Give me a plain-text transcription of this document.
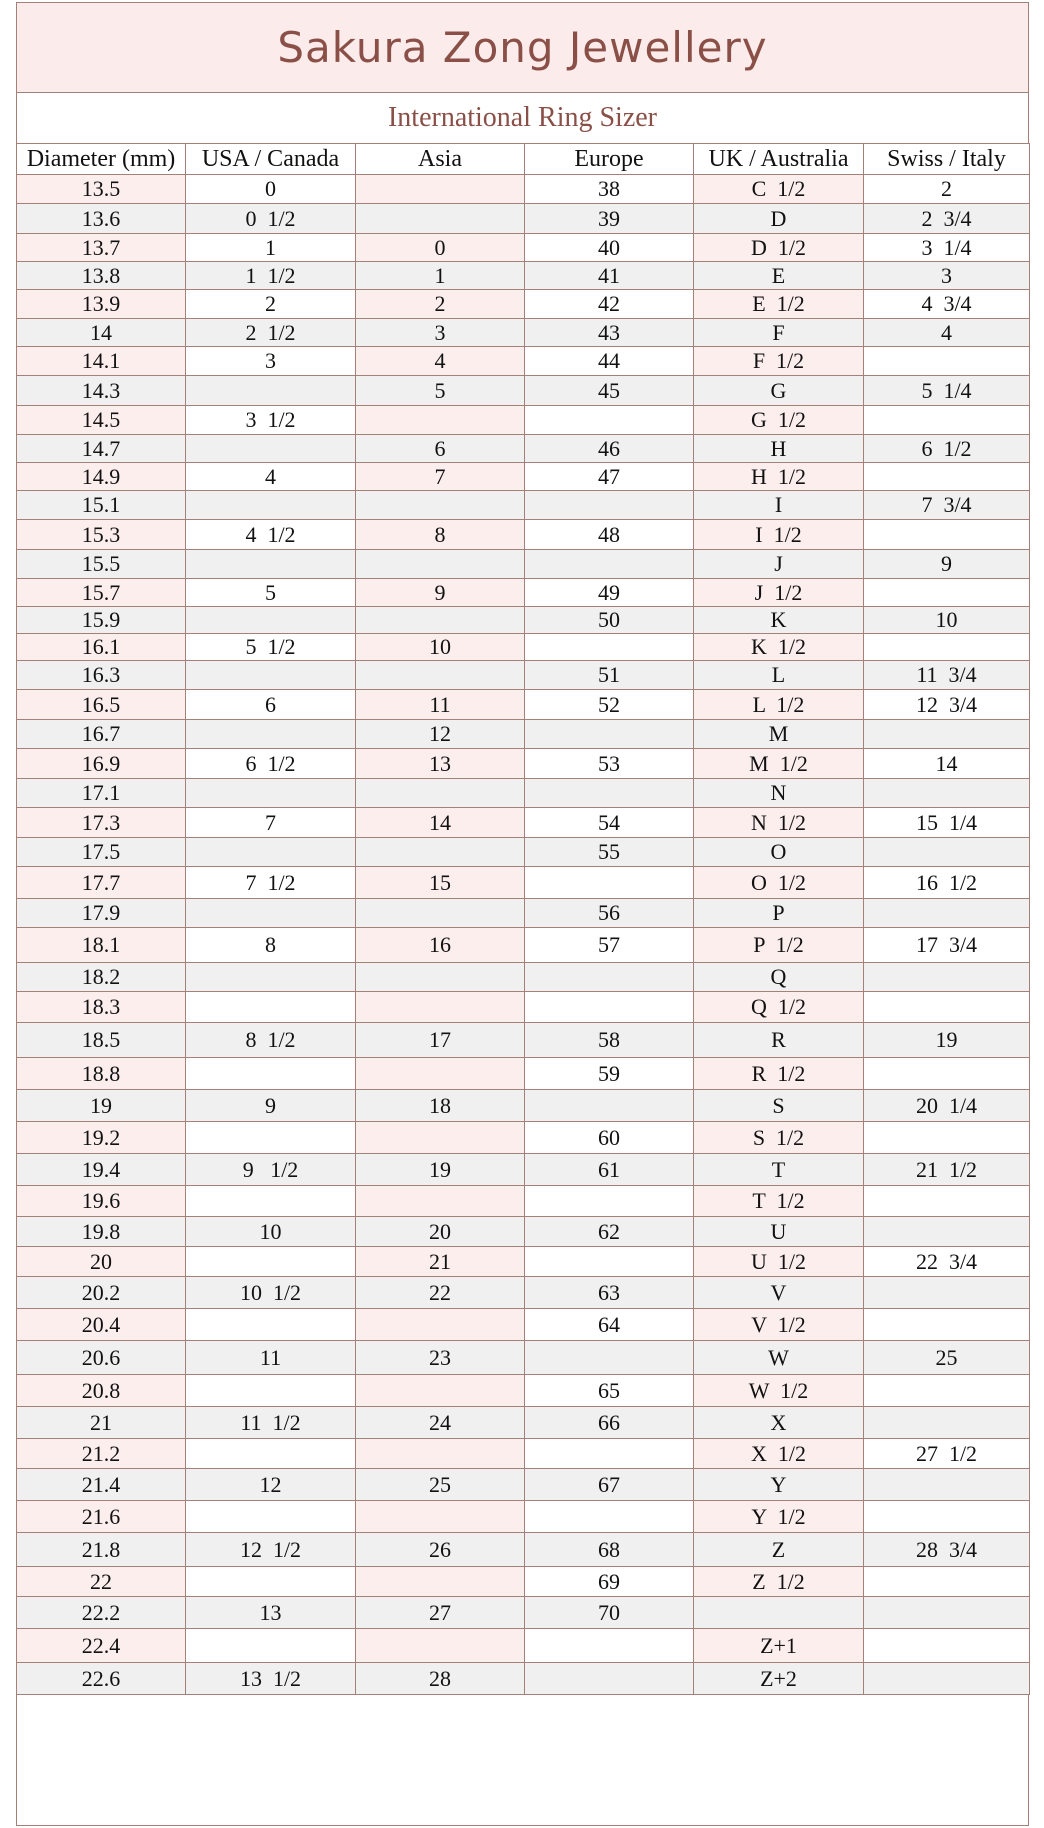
Sakura Zong Jewellery
International Ring Sizer
Diameter (mm)	USA / Canada	Asia	Europe	UK / Australia	Swiss / Italy
13.5	0		38	C  1/2	2
13.6	0  1/2		39	D	2  3/4
13.7	1	0	40	D  1/2	3  1/4
13.8	1  1/2	1	41	E	3
13.9	2	2	42	E  1/2	4  3/4
14	2  1/2	3	43	F	4
14.1	3	4	44	F  1/2	
14.3		5	45	G	5  1/4
14.5	3  1/2			G  1/2	
14.7		6	46	H	6  1/2
14.9	4	7	47	H  1/2	
15.1				I	7  3/4
15.3	4  1/2	8	48	I  1/2	
15.5				J	9
15.7	5	9	49	J  1/2	
15.9			50	K	10
16.1	5  1/2	10		K  1/2	
16.3			51	L	11  3/4
16.5	6	11	52	L  1/2	12  3/4
16.7		12		M	
16.9	6  1/2	13	53	M  1/2	14
17.1				N	
17.3	7	14	54	N  1/2	15  1/4
17.5			55	O	
17.7	7  1/2	15		O  1/2	16  1/2
17.9			56	P	
18.1	8	16	57	P  1/2	17  3/4
18.2				Q	
18.3				Q  1/2	
18.5	8  1/2	17	58	R	19
18.8			59	R  1/2	
19	9	18		S	20  1/4
19.2			60	S  1/2	
19.4	9   1/2	19	61	T	21  1/2
19.6				T  1/2	
19.8	10	20	62	U	
20		21		U  1/2	22  3/4
20.2	10  1/2	22	63	V	
20.4			64	V  1/2	
20.6	11	23		W	25
20.8			65	W  1/2	
21	11  1/2	24	66	X	
21.2				X  1/2	27  1/2
21.4	12	25	67	Y	
21.6				Y  1/2	
21.8	12  1/2	26	68	Z	28  3/4
22			69	Z  1/2	
22.2	13	27	70		
22.4				Z+1	
22.6	13  1/2	28		Z+2	
